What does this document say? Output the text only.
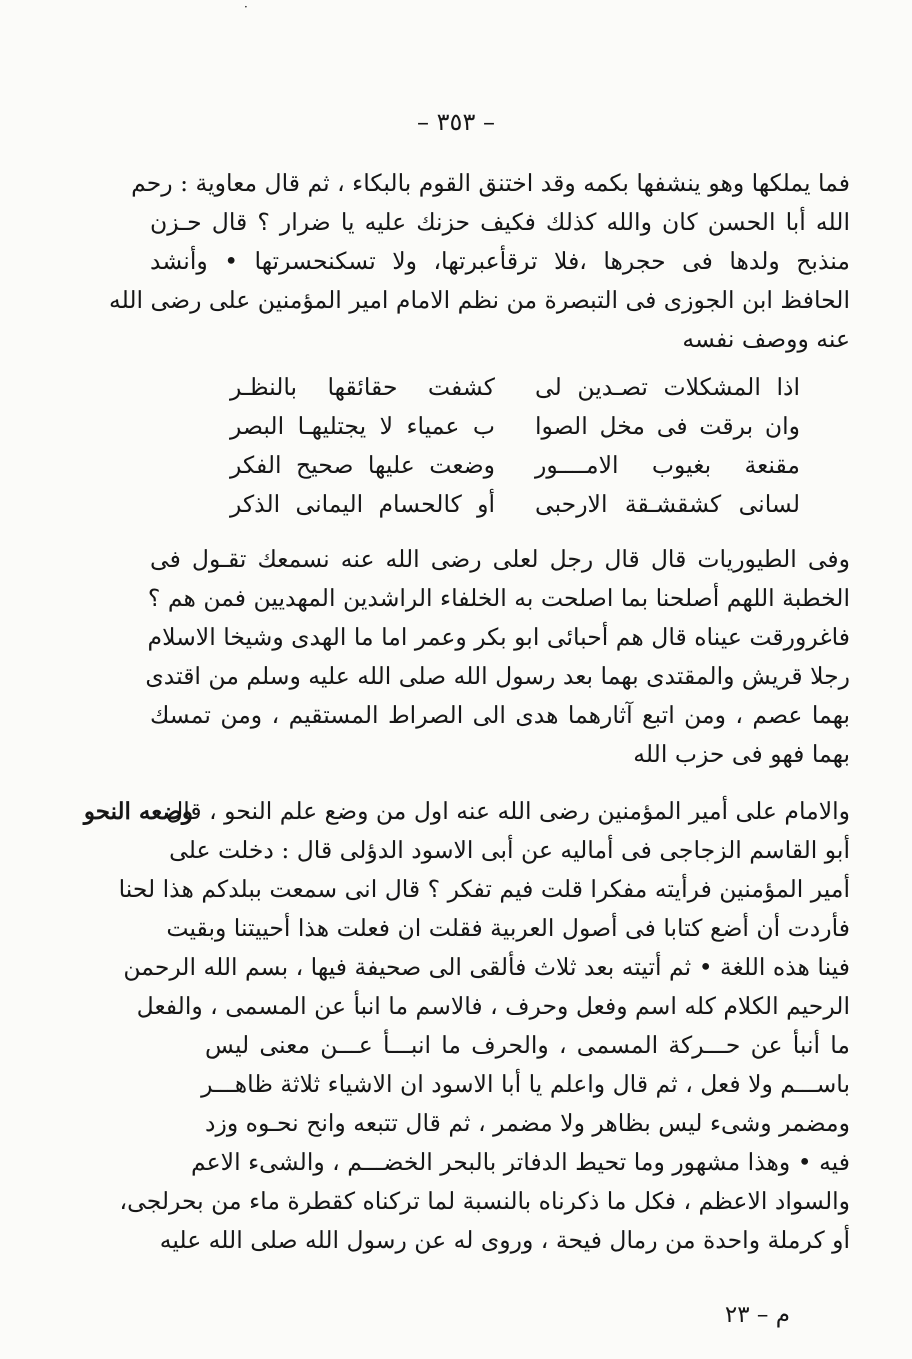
·
– ٣٥٣ –
فما يملكها وهو ينشفها بكمه وقد اختنق القوم بالبكاء ، ثم قال معاوية : رحم
الله أبا الحسن كان والله كذلك فكيف حزنك عليه يا ضرار ؟ قال حـزن
منذبح ولدها فى حجرها ،فلا ترقأعبرتها، ولا تسكنحسرتها • وأنشد
الحافظ ابن الجوزى فى التبصرة من نظم الامام امير المؤمنين على رضى الله
عنه ووصف نفسه
اذا المشكلات تصـدين لى
كشفت حقائقها بالنظـر
وان برقت فى مخل الصوا
ب عمياء لا يجتليهـا البصر
مقنعة بغيوب الامــــور
وضعت عليها صحيح الفكر
لسانى كشقشـقة الارحبى
أو كالحسام اليمانى الذكر
وفى الطيوريات قال قال رجل لعلى رضى الله عنه نسمعك تقـول فى
الخطبة اللهم أصلحنا بما اصلحت به الخلفاء الراشدين المهديين فمن هم ؟
فاغرورقت عيناه قال هم أحبائى ابو بكر وعمر اما ما الهدى وشيخا الاسلام
رجلا قريش والمقتدى بهما بعد رسول الله صلى الله عليه وسلم من اقتدى
بهما عصم ، ومن اتبع آثارهما هدى الى الصراط المستقيم ، ومن تمسك
بهما فهو فى حزب الله
وضعه النحو
والامام على أمير المؤمنين رضى الله عنه اول من وضع علم النحو ، قال
أبو القاسم الزجاجى فى أماليه عن أبى الاسود الدؤلى قال : دخلت على
أمير المؤمنين فرأيته مفكرا قلت فيم تفكر ؟ قال انى سمعت ببلدكم هذا لحنا
فأردت أن أضع كتابا فى أصول العربية فقلت ان فعلت هذا أحييتنا وبقيت
فينا هذه اللغة • ثم أتيته بعد ثلاث فألقى الى صحيفة فيها ، بسم الله الرحمن
الرحيم الكلام كله اسم وفعل وحرف ، فالاسم ما انبأ عن المسمى ، والفعل
ما أنبأ عن حـــركة المسمى ، والحرف ما انبـــأ عـــن معنى ليس
باســـم ولا فعل ، ثم قال واعلم يا أبا الاسود ان الاشياء ثلاثة ظاهـــر
ومضمر وشىء ليس بظاهر ولا مضمر ، ثم قال تتبعه وانح نحـوه وزد
فيه • وهذا مشهور وما تحيط الدفاتر بالبحر الخضـــم ، والشىء الاعم
والسواد الاعظم ، فكل ما ذكرناه بالنسبة لما تركناه كقطرة ماء من بحرلجى،
أو كرملة واحدة من رمال فيحة ، وروى له عن رسول الله صلى الله عليه
م – ٢٣
